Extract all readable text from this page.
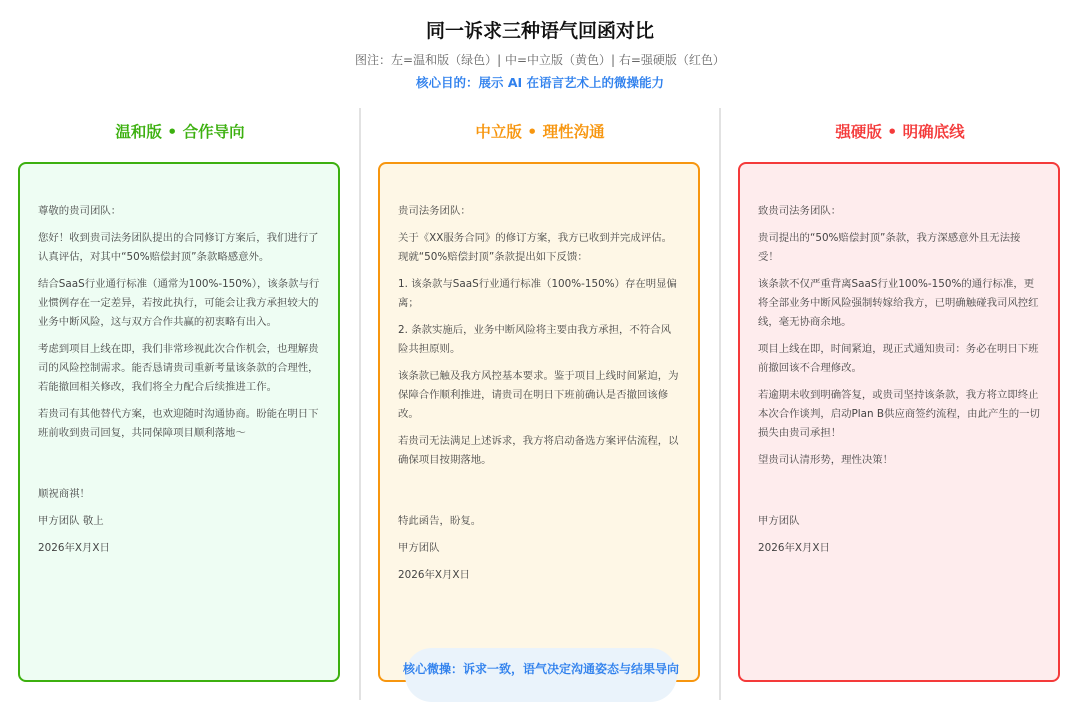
同一诉求三种语气回函对比
图注：左=温和版（绿色）| 中=中立版（黄色）| 右=强硬版（红色）
核心目的：展示 AI 在语言艺术上的微操能力
温和版 • 合作导向	中立版 • 理性沟通	强硬版 • 明确底线

尊敬的贵司团队：

您好！收到贵司法务团队提出的合同修订方案后，我们进行了认真评估，对其中“50%赔偿封顶”条款略感意外。

结合SaaS行业通行标准（通常为100%-150%），该条款与行业惯例存在一定差异，若按此执行，可能会让我方承担较大的业务中断风险，这与双方合作共赢的初衷略有出入。

考虑到项目上线在即，我们非常珍视此次合作机会，也理解贵司的风险控制需求。能否恳请贵司重新考量该条款的合理性，若能撤回相关修改，我们将全力配合后续推进工作。

若贵司有其他替代方案，也欢迎随时沟通协商。盼能在明日下班前收到贵司回复，共同保障项目顺利落地～

顺祝商祺！

甲方团队 敬上

2026年X月X日

贵司法务团队：

关于《XX服务合同》的修订方案，我方已收到并完成评估。现就“50%赔偿封顶”条款提出如下反馈：

1. 该条款与SaaS行业通行标准（100%-150%）存在明显偏离；

2. 条款实施后，业务中断风险将主要由我方承担，不符合风险共担原则。

该条款已触及我方风控基本要求。鉴于项目上线时间紧迫，为保障合作顺利推进，请贵司在明日下班前确认是否撤回该修改。

若贵司无法满足上述诉求，我方将启动备选方案评估流程，以确保项目按期落地。

特此函告，盼复。

甲方团队

2026年X月X日

致贵司法务团队：

贵司提出的“50%赔偿封顶”条款，我方深感意外且无法接受！

该条款不仅严重背离SaaS行业100%-150%的通行标准，更将全部业务中断风险强制转嫁给我方，已明确触碰我司风控红线，毫无协商余地。

项目上线在即，时间紧迫，现正式通知贵司：务必在明日下班前撤回该不合理修改。

若逾期未收到明确答复，或贵司坚持该条款，我方将立即终止本次合作谈判，启动Plan B供应商签约流程，由此产生的一切损失由贵司承担！

望贵司认清形势，理性决策！

甲方团队

2026年X月X日

核心微操：诉求一致，语气决定沟通姿态与结果导向
